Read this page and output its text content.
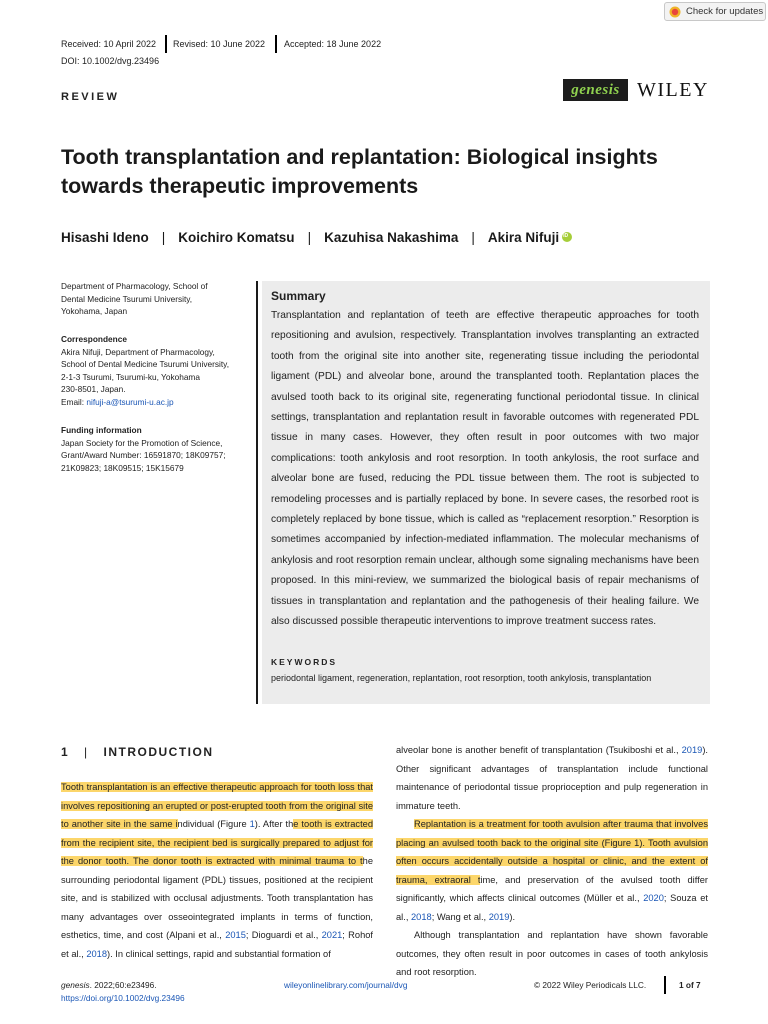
Check for updates
Received: 10 April 2022 Revised: 10 June 2022 Accepted: 18 June 2022
DOI: 10.1002/dvg.23496
REVIEW	genesis WILEY
Tooth transplantation and replantation: Biological insights towards therapeutic improvements
Hisashi Ideno | Koichiro Komatsu | Kazuhisa Nakashima | Akira Nifuji
iD
Department of Pharmacology, School of
Dental Medicine Tsurumi University,
Yokohama, Japan
Correspondence
Akira Nifuji, Department of Pharmacology,
School of Dental Medicine Tsurumi University,
2-1-3 Tsurumi, Tsurumi-ku, Yokohama
230-8501, Japan.
Email: nifuji-a@tsurumi-u.ac.jp
Funding information
Japan Society for the Promotion of Science,
Grant/Award Number: 16591870; 18K09757;
21K09823; 18K09515; 15K15679
Summary

Transplantation and replantation of teeth are effective therapeutic approaches for tooth repositioning and avulsion, respectively. Transplantation involves transplanting an extracted tooth from the original site into another site, regenerating tissue including the periodontal ligament (PDL) and alveolar bone, around the transplanted tooth. Replantation places the avulsed tooth back to its original site, regenerating functional periodontal tissue. In clinical settings, transplantation and replantation result in favorable outcomes with regenerated PDL tissue in many cases. However, they often result in poor outcomes with two major complications: tooth ankylosis and root resorption. In tooth ankylosis, the root surface and alveolar bone are fused, reducing the PDL tissue between them. The root is subjected to remodeling processes and is partially replaced by bone. In severe cases, the resorbed root is completely replaced by bone tissue, which is called as “replacement resorption.” Resorption is sometimes accompanied by infection-mediated inflammation. The molecular mechanisms of ankylosis and root resorption remain unclear, although some signaling mechanisms have been proposed. In this mini-review, we summarized the biological basis of repair mechanisms of tissues in transplantation and replantation and the pathogenesis of their healing failure. We also discussed possible therapeutic interventions to improve treatment success rates.

KEYWORDS
periodontal ligament, regeneration, replantation, root resorption, tooth ankylosis, transplantation
1 | INTRODUCTION

Tooth transplantation is an effective therapeutic approach for tooth loss that involves repositioning an erupted or post-erupted tooth from the original site to another site in the same individual (Figure 1). After the tooth is extracted from the recipient site, the recipient bed is surgically prepared to adjust for the donor tooth. The donor tooth is extracted with minimal trauma to the surrounding periodontal ligament (PDL) tissues, positioned at the recipient site, and is stabilized with occlusal adjustments. Tooth transplantation has many advantages over osseointegrated implants in terms of function, esthetics, time, and cost (Alpani et al., 2015; Dioguardi et al., 2021; Rohof et al., 2018). In clinical settings, rapid and substantial formation of

alveolar bone is another benefit of transplantation (Tsukiboshi et al., 2019). Other significant advantages of transplantation include functional maintenance of periodontal tissue proprioception and pulp regeneration in immature teeth.

Replantation is a treatment for tooth avulsion after trauma that involves placing an avulsed tooth back to the original site (Figure 1). Tooth avulsion often occurs accidentally outside a hospital or clinic, and the extent of trauma, extraoral time, and preservation of the avulsed tooth differ significantly, which affects clinical outcomes (Müller et al., 2020; Souza et al., 2018; Wang et al., 2019).

Although transplantation and replantation have shown favorable outcomes, they often result in poor outcomes in cases of tooth ankylosis and root resorption.

genesis. 2022;60:e23496.
https://doi.org/10.1002/dvg.23496
wileyonlinelibrary.com/journal/dvg	© 2022 Wiley Periodicals LLC.	1 of 7
